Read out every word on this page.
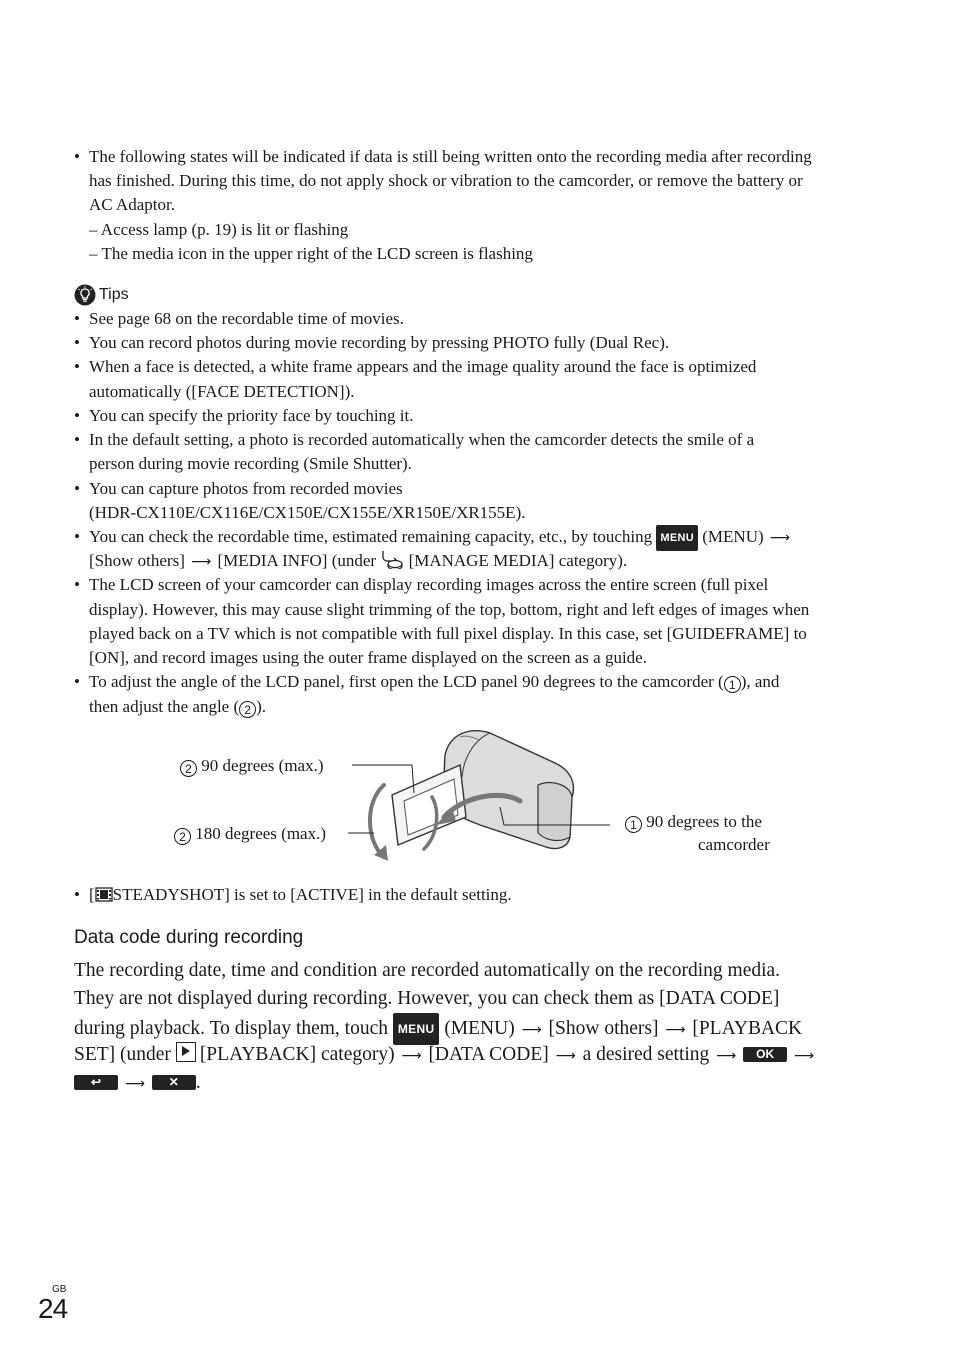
• The following states will be indicated if data is still being written onto the recording media after recording
has finished. During this time, do not apply shock or vibration to the camcorder, or remove the battery or
AC Adaptor.
– Access lamp (p. 19) is lit or flashing
– The media icon in the upper right of the LCD screen is flashing
Tips
• See page 68 on the recordable time of movies.
• You can record photos during movie recording by pressing PHOTO fully (Dual Rec).
• When a face is detected, a white frame appears and the image quality around the face is optimized
automatically ([FACE DETECTION]).
• You can specify the priority face by touching it.
• In the default setting, a photo is recorded automatically when the camcorder detects the smile of a
person during movie recording (Smile Shutter).
• You can capture photos from recorded movies
(HDR-CX110E/CX116E/CX150E/CX155E/XR150E/XR155E).
• You can check the recordable time, estimated remaining capacity, etc., by touching MENU (MENU) ⟶
[Show others] ⟶ [MEDIA INFO] (under [MANAGE MEDIA] category).
• The LCD screen of your camcorder can display recording images across the entire screen (full pixel
display). However, this may cause slight trimming of the top, bottom, right and left edges of images when
played back on a TV which is not compatible with full pixel display. In this case, set [GUIDEFRAME] to
[ON], and record images using the outer frame displayed on the screen as a guide.
• To adjust the angle of the LCD panel, first open the LCD panel 90 degrees to the camcorder ( 1 ), and
then adjust the angle ( 2 ).
2 90 degrees (max.)
2 180 degrees (max.)	1 90 degrees to the
camcorder
• [ STEADYSHOT] is set to [ACTIVE] in the default setting.
Data code during recording
The recording date, time and condition are recorded automatically on the recording media.
They are not displayed during recording. However, you can check them as [DATA CODE]
during playback. To display them, touch MENU (MENU) ⟶ [Show others] ⟶ [PLAYBACK
SET] (under [PLAYBACK] category) ⟶ [DATA CODE] ⟶ a desired setting ⟶ OK ⟶
↩ ⟶ ✕ .
GB
24
